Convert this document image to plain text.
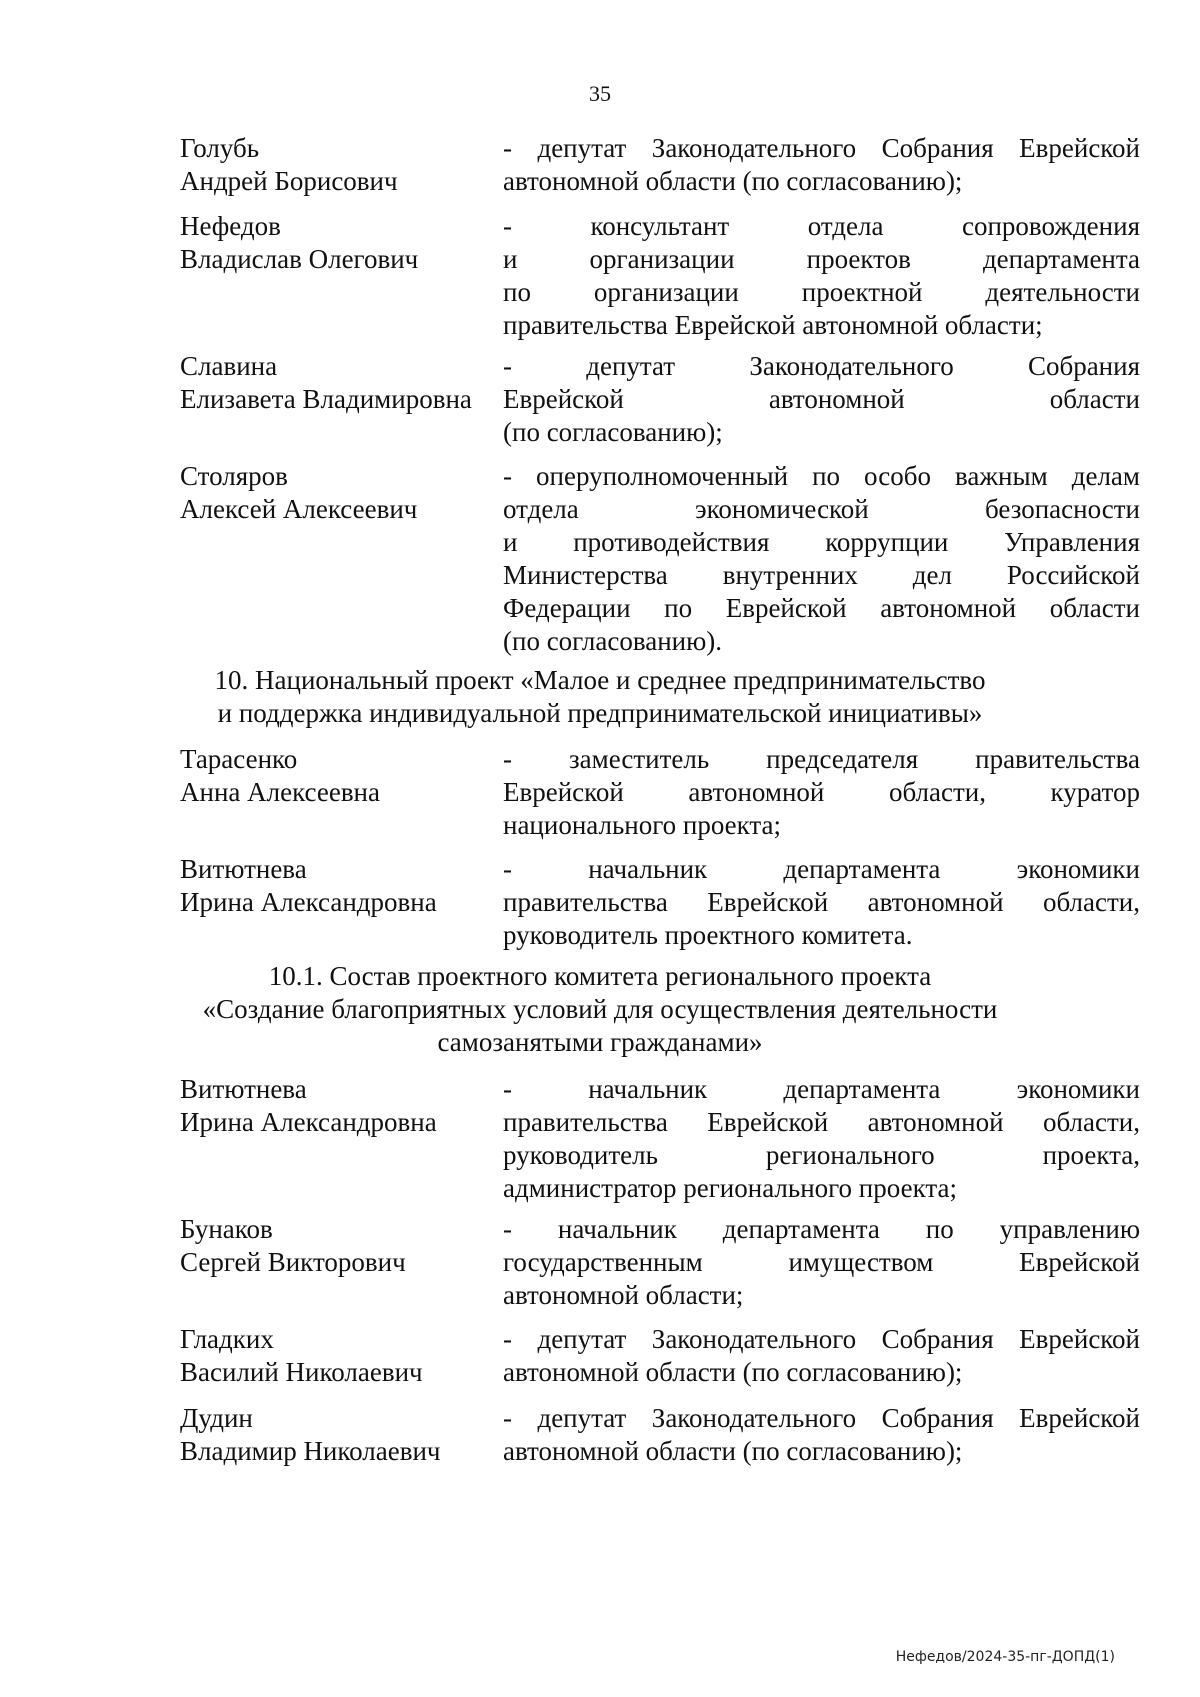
35
Голубь
Андрей Борисович
- депутат Законодательного Собрания Еврейской
автономной области (по согласованию);
Нефедов
Владислав Олегович
- консультант отдела сопровождения
и организации проектов департамента
по организации проектной деятельности
правительства Еврейской автономной области;
Славина
Елизавета Владимировна
- депутат Законодательного Собрания
Еврейской автономной области
(по согласованию);
Столяров
Алексей Алексеевич
- оперуполномоченный по особо важным делам
отдела экономической безопасности
и противодействия коррупции Управления
Министерства внутренних дел Российской
Федерации по Еврейской автономной области
(по согласованию).
10. Национальный проект «Малое и среднее предпринимательство
и поддержка индивидуальной предпринимательской инициативы»
Тарасенко
Анна Алексеевна
- заместитель председателя правительства
Еврейской автономной области, куратор
национального проекта;
Витютнева
Ирина Александровна
- начальник департамента экономики
правительства Еврейской автономной области,
руководитель проектного комитета.
10.1. Состав проектного комитета регионального проекта
«Создание благоприятных условий для осуществления деятельности
самозанятыми гражданами»
Витютнева
Ирина Александровна
- начальник департамента экономики
правительства Еврейской автономной области,
руководитель регионального проекта,
администратор регионального проекта;
Бунаков
Сергей Викторович
- начальник департамента по управлению
государственным имуществом Еврейской
автономной области;
Гладких
Василий Николаевич
- депутат Законодательного Собрания Еврейской
автономной области (по согласованию);
Дудин
Владимир Николаевич
- депутат Законодательного Собрания Еврейской
автономной области (по согласованию);
Нефедов/2024-35-пг-ДОПД(1)
